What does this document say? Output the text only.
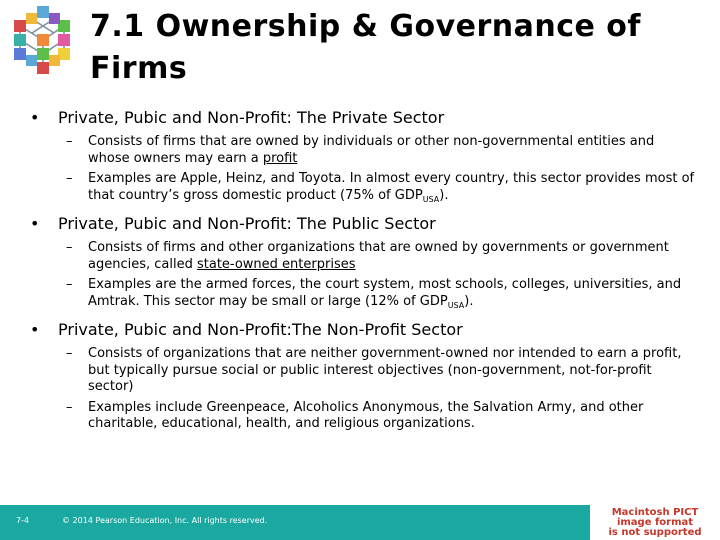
7.1 Ownership & Governance of
Firms
• Private, Pubic and Non-Profit: The Private Sector
– Consists of firms that are owned by individuals or other non-governmental entities and whose owners may earn a profit
– Examples are Apple, Heinz, and Toyota. In almost every country, this sector provides most of that country’s gross domestic product (75% of $GDP_{USA}$).
• Private, Pubic and Non-Profit: The Public Sector
– Consists of firms and other organizations that are owned by governments or government agencies, called state-owned enterprises
– Examples are the armed forces, the court system, most schools, colleges, universities, and Amtrak. This sector may be small or large (12% of $GDP_{USA}$).
• Private, Pubic and Non-Profit:The Non-Profit Sector
– Consists of organizations that are neither government-owned nor intended to earn a profit, but typically pursue social or public interest objectives (non-government, not-for-profit sector)
– Examples include Greenpeace, Alcoholics Anonymous, the Salvation Army, and other charitable, educational, health, and religious organizations.
7-4	© 2014 Pearson Education, Inc. All rights reserved.
Macintosh PICT
image format
is not supported
